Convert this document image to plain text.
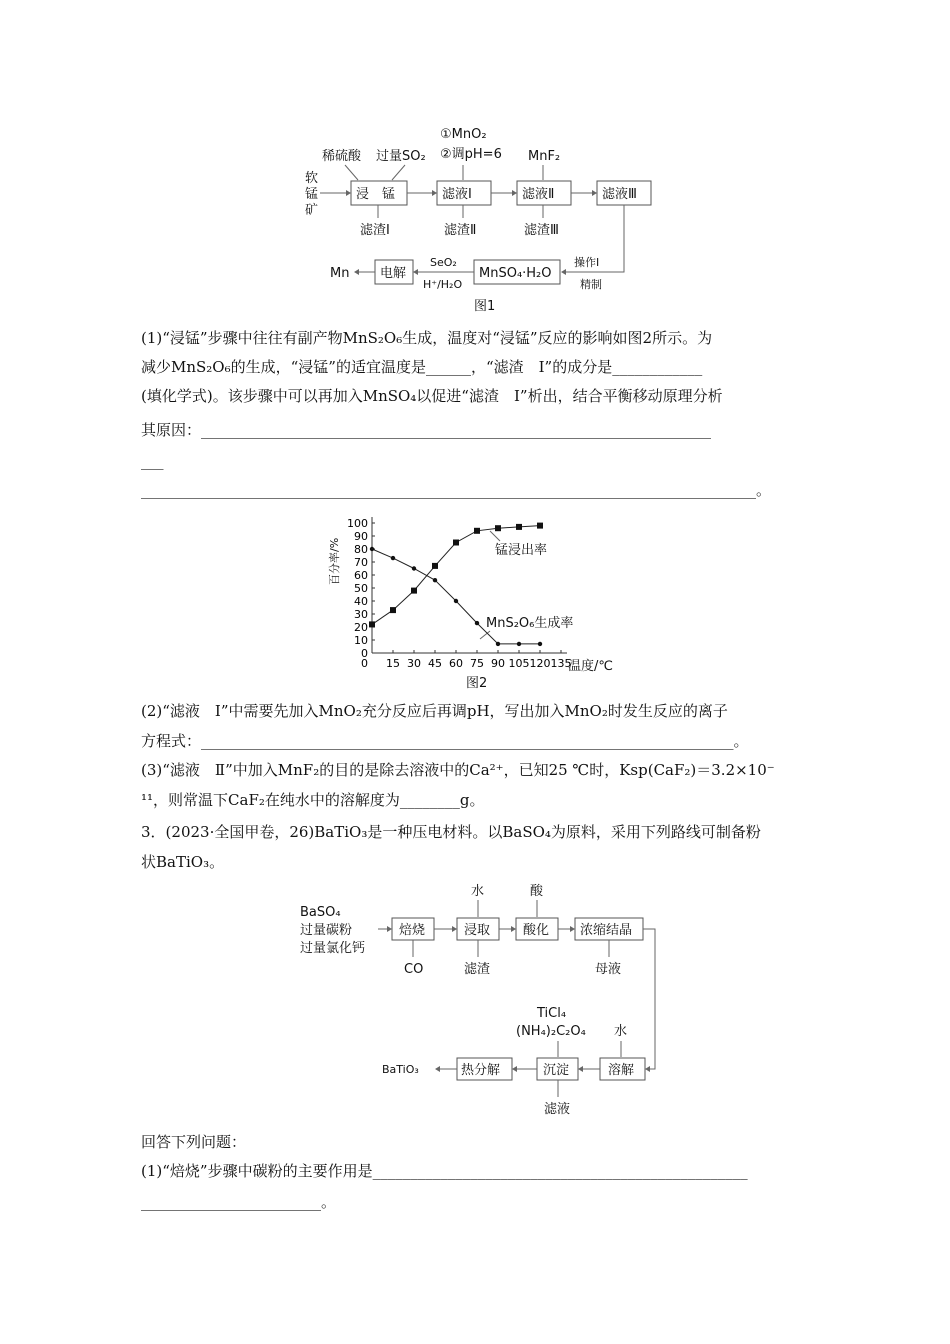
软
锰
矿
稀硫酸 过量SO₂
浸　锰
①MnO₂
②调pH=6
滤液Ⅰ
MnF₂
滤液Ⅱ	滤液Ⅲ
滤渣Ⅰ	滤渣Ⅱ	滤渣Ⅲ
操作Ⅰ
精制
MnSO₄·H₂O
SeO₂
H⁺/H₂O
电解
Mn
图1
(1)“浸锰”步骤中往往有副产物MnS₂O₆生成，温度对“浸锰”反应的影响如图2所示。为
减少MnS₂O₆的生成，“浸锰”的适宜温度是______，“滤渣　Ⅰ”的成分是____________
(填化学式)。该步骤中可以再加入MnSO₄以促进“滤渣　Ⅰ”析出，结合平衡移动原理分析
其原因：____________________________________________________________________
___
__________________________________________________________________________________。
百分率/%
温度/℃
图2
锰浸出率
MnS₂O₆生成率
0
10
20
30
40
50
60
70
80
90
100
15 30 45 60 75 90 105 120 135
0
(2)“滤液　Ⅰ”中需要先加入MnO₂充分反应后再调pH，写出加入MnO₂时发生反应的离子
方程式：_______________________________________________________________________。
(3)“滤液　Ⅱ”中加入MnF₂的目的是除去溶液中的Ca²⁺，已知25 ℃时，Ksp(CaF₂)＝3.2×10⁻
¹¹，则常温下CaF₂在纯水中的溶解度为________g。
3．(2023·全国甲卷，26)BaTiO₃是一种压电材料。以BaSO₄为原料，采用下列路线可制备粉
状BaTiO₃。
BaSO₄
过量碳粉
过量氯化钙
焙烧
水
浸取
酸
酸化 浓缩结晶
CO	滤渣	母液
TiCl₄
(NH₄)₂C₂O₄ 水
溶解
沉淀
热分解
BaTiO₃
滤液
回答下列问题：
(1)“焙烧”步骤中碳粉的主要作用是__________________________________________________
________________________。
